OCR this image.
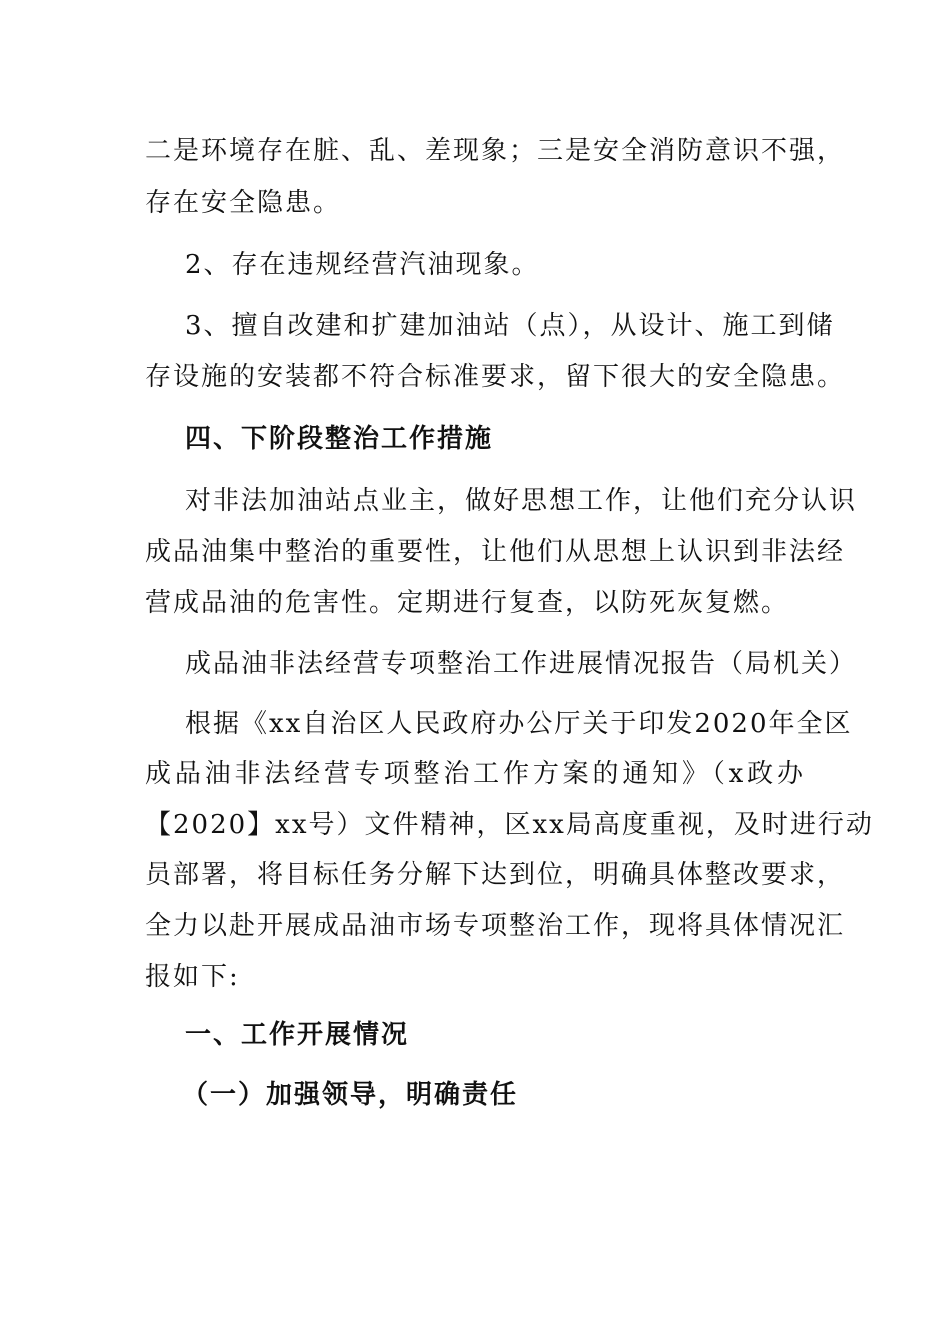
二是环境存在脏、乱、差现象；三是安全消防意识不强，
存在安全隐患。
2、存在违规经营汽油现象。
3、擅自改建和扩建加油站（点），从设计、施工到储
存设施的安装都不符合标准要求，留下很大的安全隐患。
四、下阶段整治工作措施
对非法加油站点业主，做好思想工作，让他们充分认识
成品油集中整治的重要性，让他们从思想上认识到非法经
营成品油的危害性。定期进行复查，以防死灰复燃。
成品油非法经营专项整治工作进展情况报告（局机关）
根据《xx自治区人民政府办公厅关于印发2020年全区
成品油非法经营专项整治工作方案的通知》（x政办
【2020】xx号）文件精神，区xx局高度重视，及时进行动
员部署，将目标任务分解下达到位，明确具体整改要求，
全力以赴开展成品油市场专项整治工作，现将具体情况汇
报如下:
一、工作开展情况
（一）加强领导，明确责任
